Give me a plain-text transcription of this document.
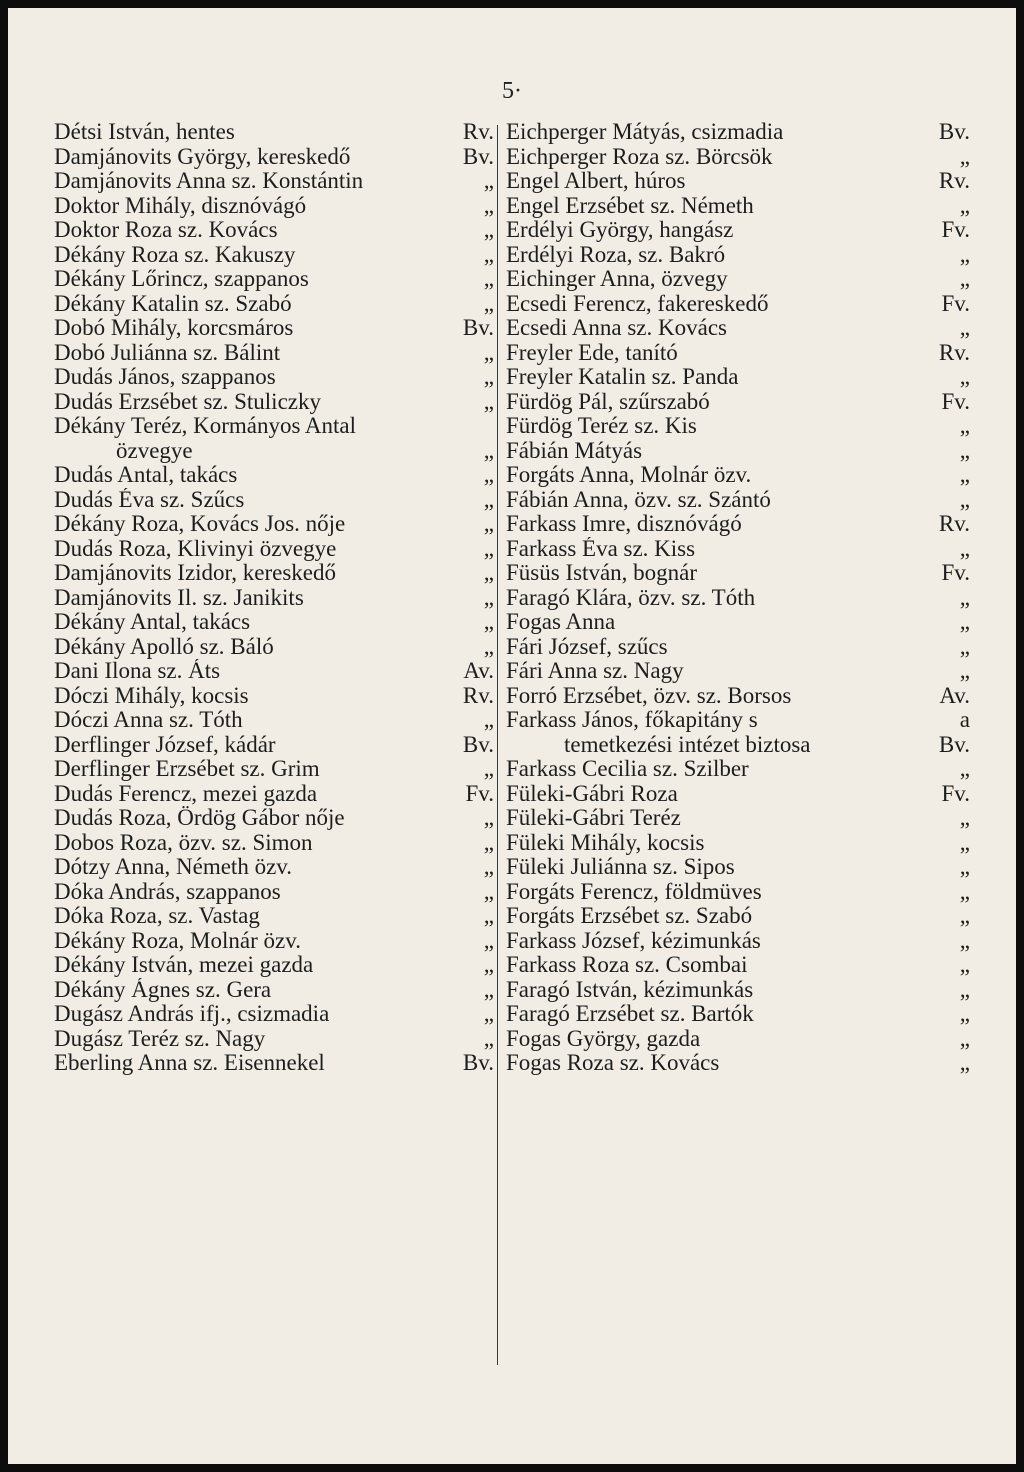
5·
Détsi István, hentes	Rv.
Damjánovits György, kereskedő	Bv.
Damjánovits Anna sz. Konstántin	„
Doktor Mihály, disznóvágó	„
Doktor Roza sz. Kovács	„
Dékány Roza sz. Kakuszy	„
Dékány Lőrincz, szappanos	„
Dékány Katalin sz. Szabó	„
Dobó Mihály, korcsmáros	Bv.
Dobó Juliánna sz. Bálint	„
Dudás János, szappanos	„
Dudás Erzsébet sz. Stuliczky	„
Dékány Teréz, Kormányos Antal
özvegye	„
Dudás Antal, takács	„
Dudás Éva sz. Szűcs	„
Dékány Roza, Kovács Jos. nője	„
Dudás Roza, Klivinyi özvegye	„
Damjánovits Izidor, kereskedő	„
Damjánovits Il. sz. Janikits	„
Dékány Antal, takács	„
Dékány Apolló sz. Báló	„
Dani Ilona sz. Áts	Av.
Dóczi Mihály, kocsis	Rv.
Dóczi Anna sz. Tóth	„
Derflinger József, kádár	Bv.
Derflinger Erzsébet sz. Grim	„
Dudás Ferencz, mezei gazda	Fv.
Dudás Roza, Ördög Gábor nője	„
Dobos Roza, özv. sz. Simon	„
Dótzy Anna, Németh özv.	„
Dóka András, szappanos	„
Dóka Roza, sz. Vastag	„
Dékány Roza, Molnár özv.	„
Dékány István, mezei gazda	„
Dékány Ágnes sz. Gera	„
Dugász András ifj., csizmadia	„
Dugász Teréz sz. Nagy	„
Eberling Anna sz. Eisennekel	Bv.
Eichperger Mátyás, csizmadia	Bv.
Eichperger Roza sz. Börcsök	„
Engel Albert, húros	Rv.
Engel Erzsébet sz. Németh	„
Erdélyi György, hangász	Fv.
Erdélyi Roza, sz. Bakró	„
Eichinger Anna, özvegy	„
Ecsedi Ferencz, fakereskedő	Fv.
Ecsedi Anna sz. Kovács	„
Freyler Ede, tanító	Rv.
Freyler Katalin sz. Panda	„
Fürdög Pál, szűrszabó	Fv.
Fürdög Teréz sz. Kis	„
Fábián Mátyás	„
Forgáts Anna, Molnár özv.	„
Fábián Anna, özv. sz. Szántó	„
Farkass Imre, disznóvágó	Rv.
Farkass Éva sz. Kiss	„
Füsüs István, bognár	Fv.
Faragó Klára, özv. sz. Tóth	„
Fogas Anna	„
Fári József, szűcs	„
Fári Anna sz. Nagy	„
Forró Erzsébet, özv. sz. Borsos	Av.
Farkass János, főkapitány s	a
temetkezési intézet biztosa	Bv.
Farkass Cecilia sz. Szilber	„
Füleki-Gábri Roza	Fv.
Füleki-Gábri Teréz	„
Füleki Mihály, kocsis	„
Füleki Juliánna sz. Sipos	„
Forgáts Ferencz, földmüves	„
Forgáts Erzsébet sz. Szabó	„
Farkass József, kézimunkás	„
Farkass Roza sz. Csombai	„
Faragó István, kézimunkás	„
Faragó Erzsébet sz. Bartók	„
Fogas György, gazda	„
Fogas Roza sz. Kovács	„
